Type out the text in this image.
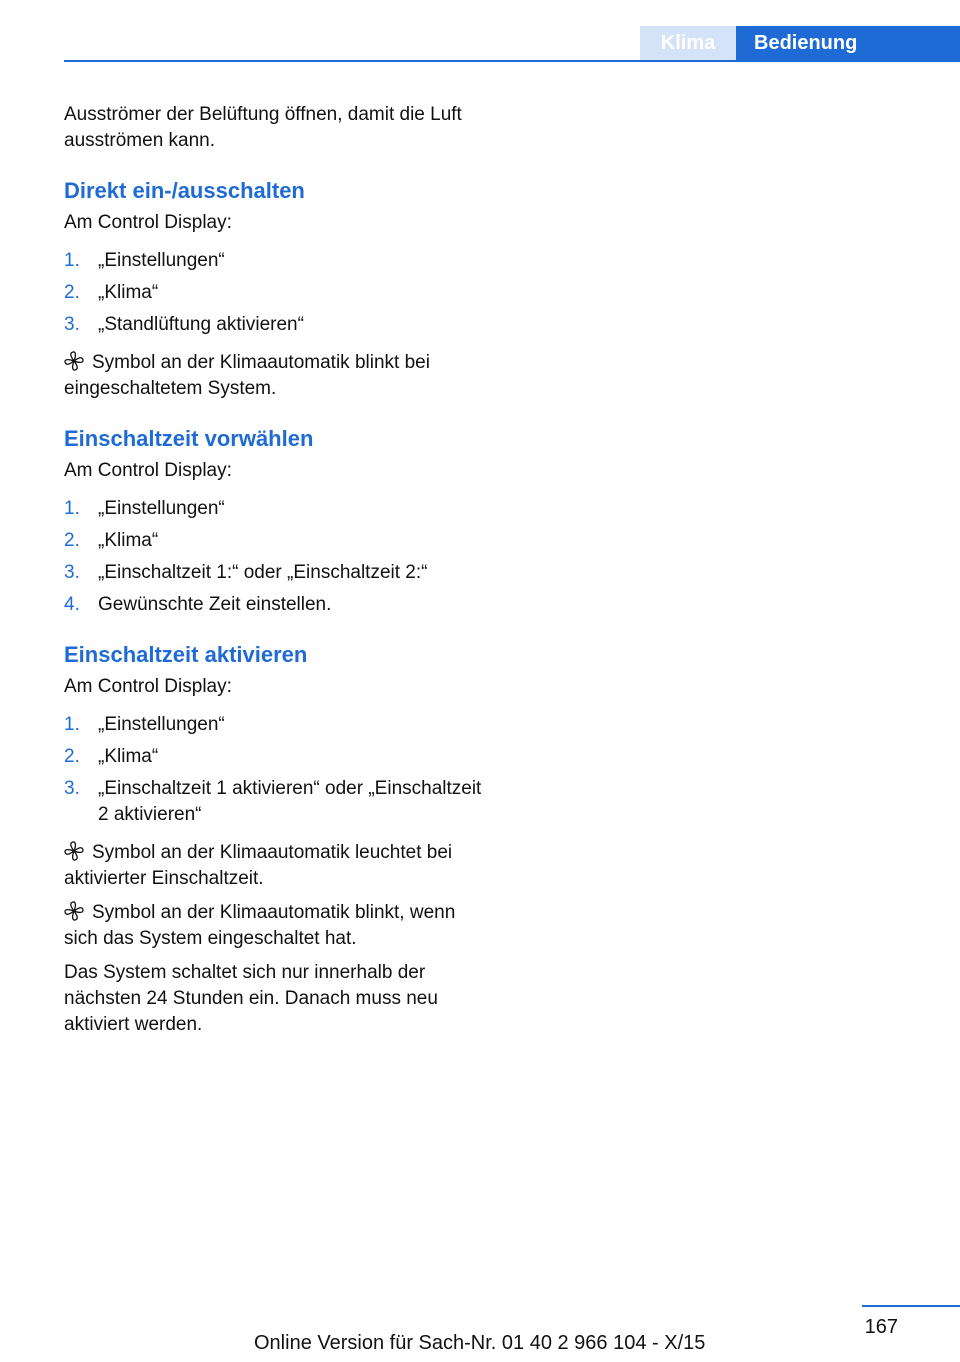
Klima	Bedienung

Ausströmer der Belüftung öffnen, damit die Luft ausströmen kann.

Direkt ein-/ausschalten

Am Control Display:

1. „Einstellungen“
2. „Klima“
3. „Standlüftung aktivieren“

Symbol an der Klimaautomatik blinkt bei eingeschaltetem System.

Einschaltzeit vorwählen

Am Control Display:

1. „Einstellungen“
2. „Klima“
3. „Einschaltzeit 1:“ oder „Einschaltzeit 2:“
4. Gewünschte Zeit einstellen.
Einschaltzeit aktivieren

Am Control Display:

1. „Einstellungen“
2. „Klima“
3. „Einschaltzeit 1 aktivieren“ oder „Einschaltzeit 2 aktivieren“

Symbol an der Klimaautomatik leuchtet bei aktivierter Einschaltzeit.

Symbol an der Klimaautomatik blinkt, wenn sich das System eingeschaltet hat.

Das System schaltet sich nur innerhalb der nächsten 24 Stunden ein. Danach muss neu aktiviert werden.

167
Online Version für Sach-Nr. 01 40 2 966 104 - X/15
